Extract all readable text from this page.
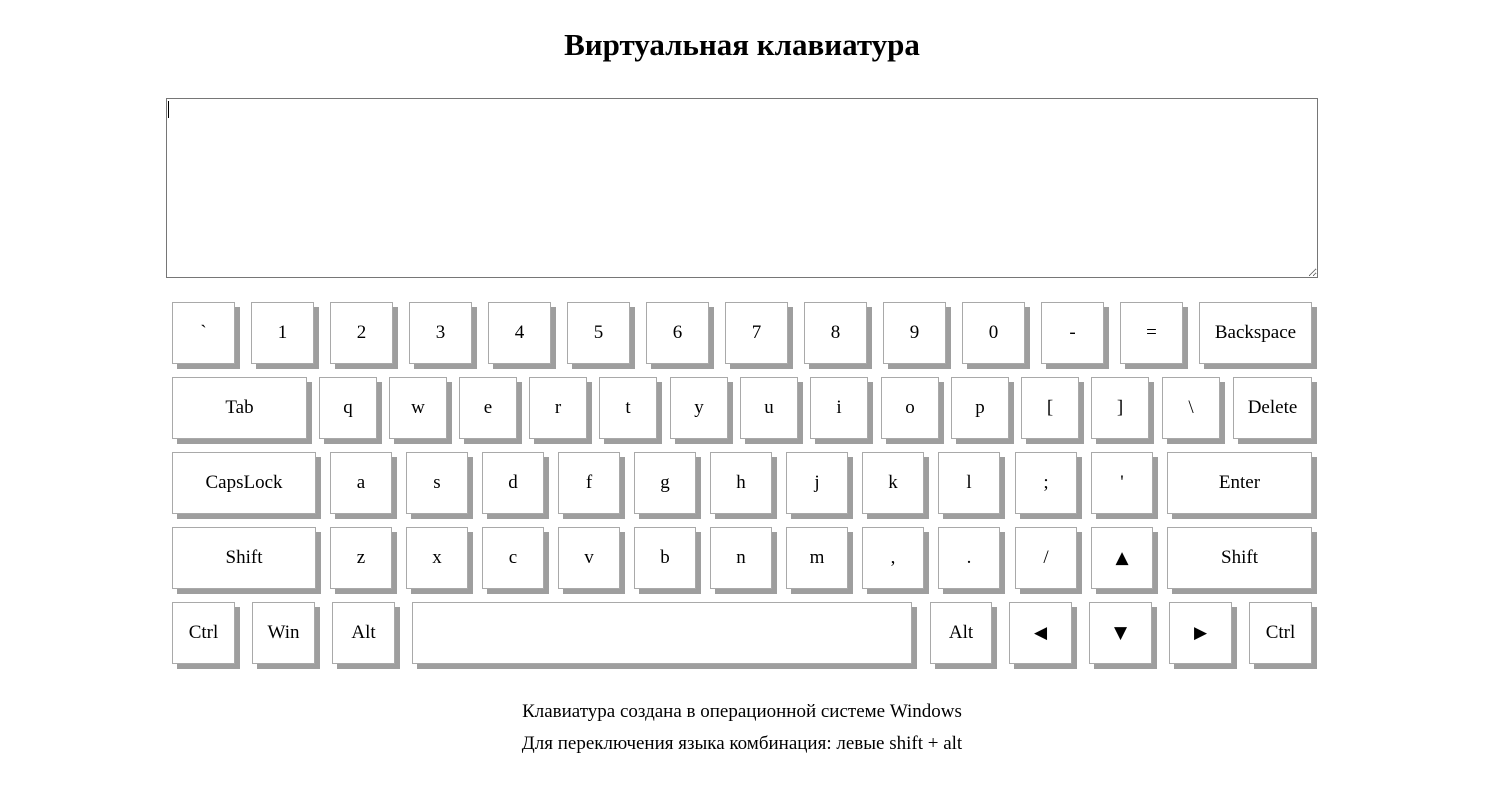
Виртуальная клавиатура
`	1	2	3	4	5	6	7	8	9	0	-	=	Backspace
Tab	q	w	e	r	t	y	u	i	o	p	[	]	\	Delete
CapsLock	a	s	d	f	g	h	j	k	l	;	'	Enter
Shift	z	x	c	v	b	n	m	,	.	/	▲	Shift
Ctrl	Win	Alt	Alt	◀	▼	▶	Ctrl

Клавиатура создана в операционной системе Windows

Для переключения языка комбинация: левые shift + alt
